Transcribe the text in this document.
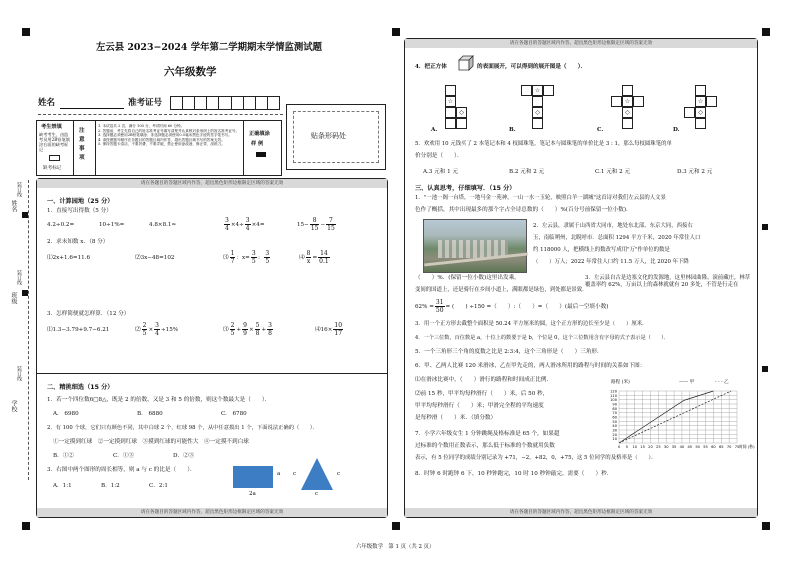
姓名
班级
学校
装订线
装订线
装订线
左云县 2023−2024 学年第二学期期末学情监测试题
六年级数学
姓名	准考证号
贴条形码处
考生禁填
缺考考生，由监考员用2B铅笔填涂右面的缺考标记
缺考标记
注意事项
1. 本试卷共 2 页，满分 100 分，考试时间 60 分钟。
2. 答题前，考生先将自己的姓名准考证号填写清楚并认真核对条形码上的姓名准考证号。
3. 选择题必须使用2B铅笔填涂；非选择题必须使用0.5毫米黑色字迹的签字笔书写。
4. 请按照题号顺序在各题目的答题区域内作答，超出答题区域书写的答案无效。
5. 保持答题卡清洁，不要折叠、不要弄破，禁止使用涂改液、修正带、刮纸刀。
正确填涂
样 例
请在各题目的答题区域内作答，超出黑色矩形边框限定区域的答案无效
请在各题目的答题区域内作答，超出黑色矩形边框限定区域的答案无效
一、计算园地（25 分）
1．直接写出得数（5 分）
4.2÷0.2=	10÷1%=	4.8×8.1≈	$\frac{3}{4} \times 4\div \frac{3}{4} \times 4=$	$15- \frac{8}{15} - \frac{7}{15}$
2．求未知数 x．（8 分）
⑴2x+1.6=11.6	⑵3x−48=102	⑶ $\frac{1}{7}$ ：$x= \frac{3}{5}$ ： $\frac{3}{5}$	⑷ $\frac{8}{x} = \frac{14}{0.1}$
3．怎样简便就怎样算．（12 分）
⑴1.3−3.79+9.7−6.21	⑵ $\frac{2}{5} \times \frac{3}{4} \div 15\%$	⑶ $\frac{2}{5} + \frac{9}{9} \times \frac{5}{8} + \frac{3}{8}$	⑷16× $\frac{10}{17}$
二、精挑细选（15 分）
1．若一个四位数6□8△，既是 2 的倍数，又是 3 和 5 的倍数，则这个数最大是（　　）．
A.　6980	B.　6880	C.　6780
2．有 100 个球，它们只有颜色不同，其中白球 2 个，红球 98 个，从中任意摸出 1 个，下面说法正确的（　　）．
①一定摸到红球　②一定摸到红球　③摸到红球的可能性大　④一定摸不到白球
B．①②	C．①③	D．②③
3．右图中两个图形的周长相等，则 a 与 c 的比是（　　）．
A．1:1	B．1:2	C．2:1
a
2a
c	c
c
请在各题目的答题区域内作答，超出黑色矩形边框限定区域的答案无效
请在各题目的答题区域内作答，超出黑色矩形边框限定区域的答案无效
4．把正方体	的表面展开，可以得到的展开图是（　　）．
☆
◇
A.
☆
◇
B.
☆
◇
C.
☆
◇
D.
5．欢欢用 10 元钱买了 2 本笔记本和 4 枝圆珠笔，笔记本与圆珠笔的单价比是 3 : 1，那么每枝圆珠笔的单
价分别是（　　）．
A.3 元和 1 元	B.2 元和 2 元	C.1 元和 2 元	D.3 元和 2 元
三、认真思考，仔细填写．（15 分）
1．"一池一阁一台塔，一地马金一苑神，一山一水一玉轮，映照白羊一湖城"这首诗对我们左云县的人文景
色作了概括，其中出现最多的那个字占全诗总数的（　　）%(百分号前保留一位小数)．
2．左云县，隶属于山西省大同市，地处东北部，东京大同，西接右
玉，南临朔州，北睨呼市．总面积 1294 平方千米，2020 年常住人口
约 118000 人，把横线上的数改写成用"万"作单位的数是
（　　）万人；2022 年常住人口约 11.5 万人，比 2020 年下降
（　　）%．(保留一位小数)这里出发乘。	3．左云县自古是边塞文化的发源地，这里林园曲隆、滚前藏庄，林草覆盖率约 62%，万亩以上的森林就就有 20 多处，不管是行走在
变间的国道上，还是骑行在乡间小道上，满眼都是绿色，到处都是景致．
$62\% = \frac{31}{50}$ = (　　) ÷150 =（　　）:（　　）=（　　）(最后一空填小数)
3．用一个正方形去截整个面积是 50.24 平方厘米的圆，这个正方形的边长至少是（　　）厘米．
4．一个三位数，百位数是 a，十位上的数要于是 b，个位是 0，这个三位数用含有字母的式子表示是（　　）．
5．一个三角形三个角的度数之比是 2:3:4，这个三角形是（　　）三角形．
6．甲、乙两人比赛 120 米滑冰，乙在甲先走的，两人滑冰所用的路程与时间的关系如下图：
⑴在滑冰比赛中，（　　）滑行的路程和时间成正比例．
⑵前 15 秒，甲平均每秒滑行（　　）米，后 50 秒，
甲平均每秒滑行（　　）米；甲滑完全程的平均速度
是每秒滑（　　）米．（填分数）
7．小学六年级女生 1 分钟跳绳及格标准是 65 个，如果超
过标准的个数用正数表示，那么低于标准的个数就用负数
表示，有 5 位同学的成绩分别记录为 +71，−2，+82，0，+75，这 5 位同学的及格率是（　　）．
8．时钟 6 时跑钟 6 下，10 秒钟跑完，10 时 10 秒钟敲完，需要（　　）秒．
路程 (米)	—— 甲	- - - 乙
120
110
100
90
80
70
60
50
40
30
20
10
0 5 10 15 20 25 30 35 40 45 50 55 60 65 70 75 时间 (秒)
六年级数学　第 1 页（共 2 页）
